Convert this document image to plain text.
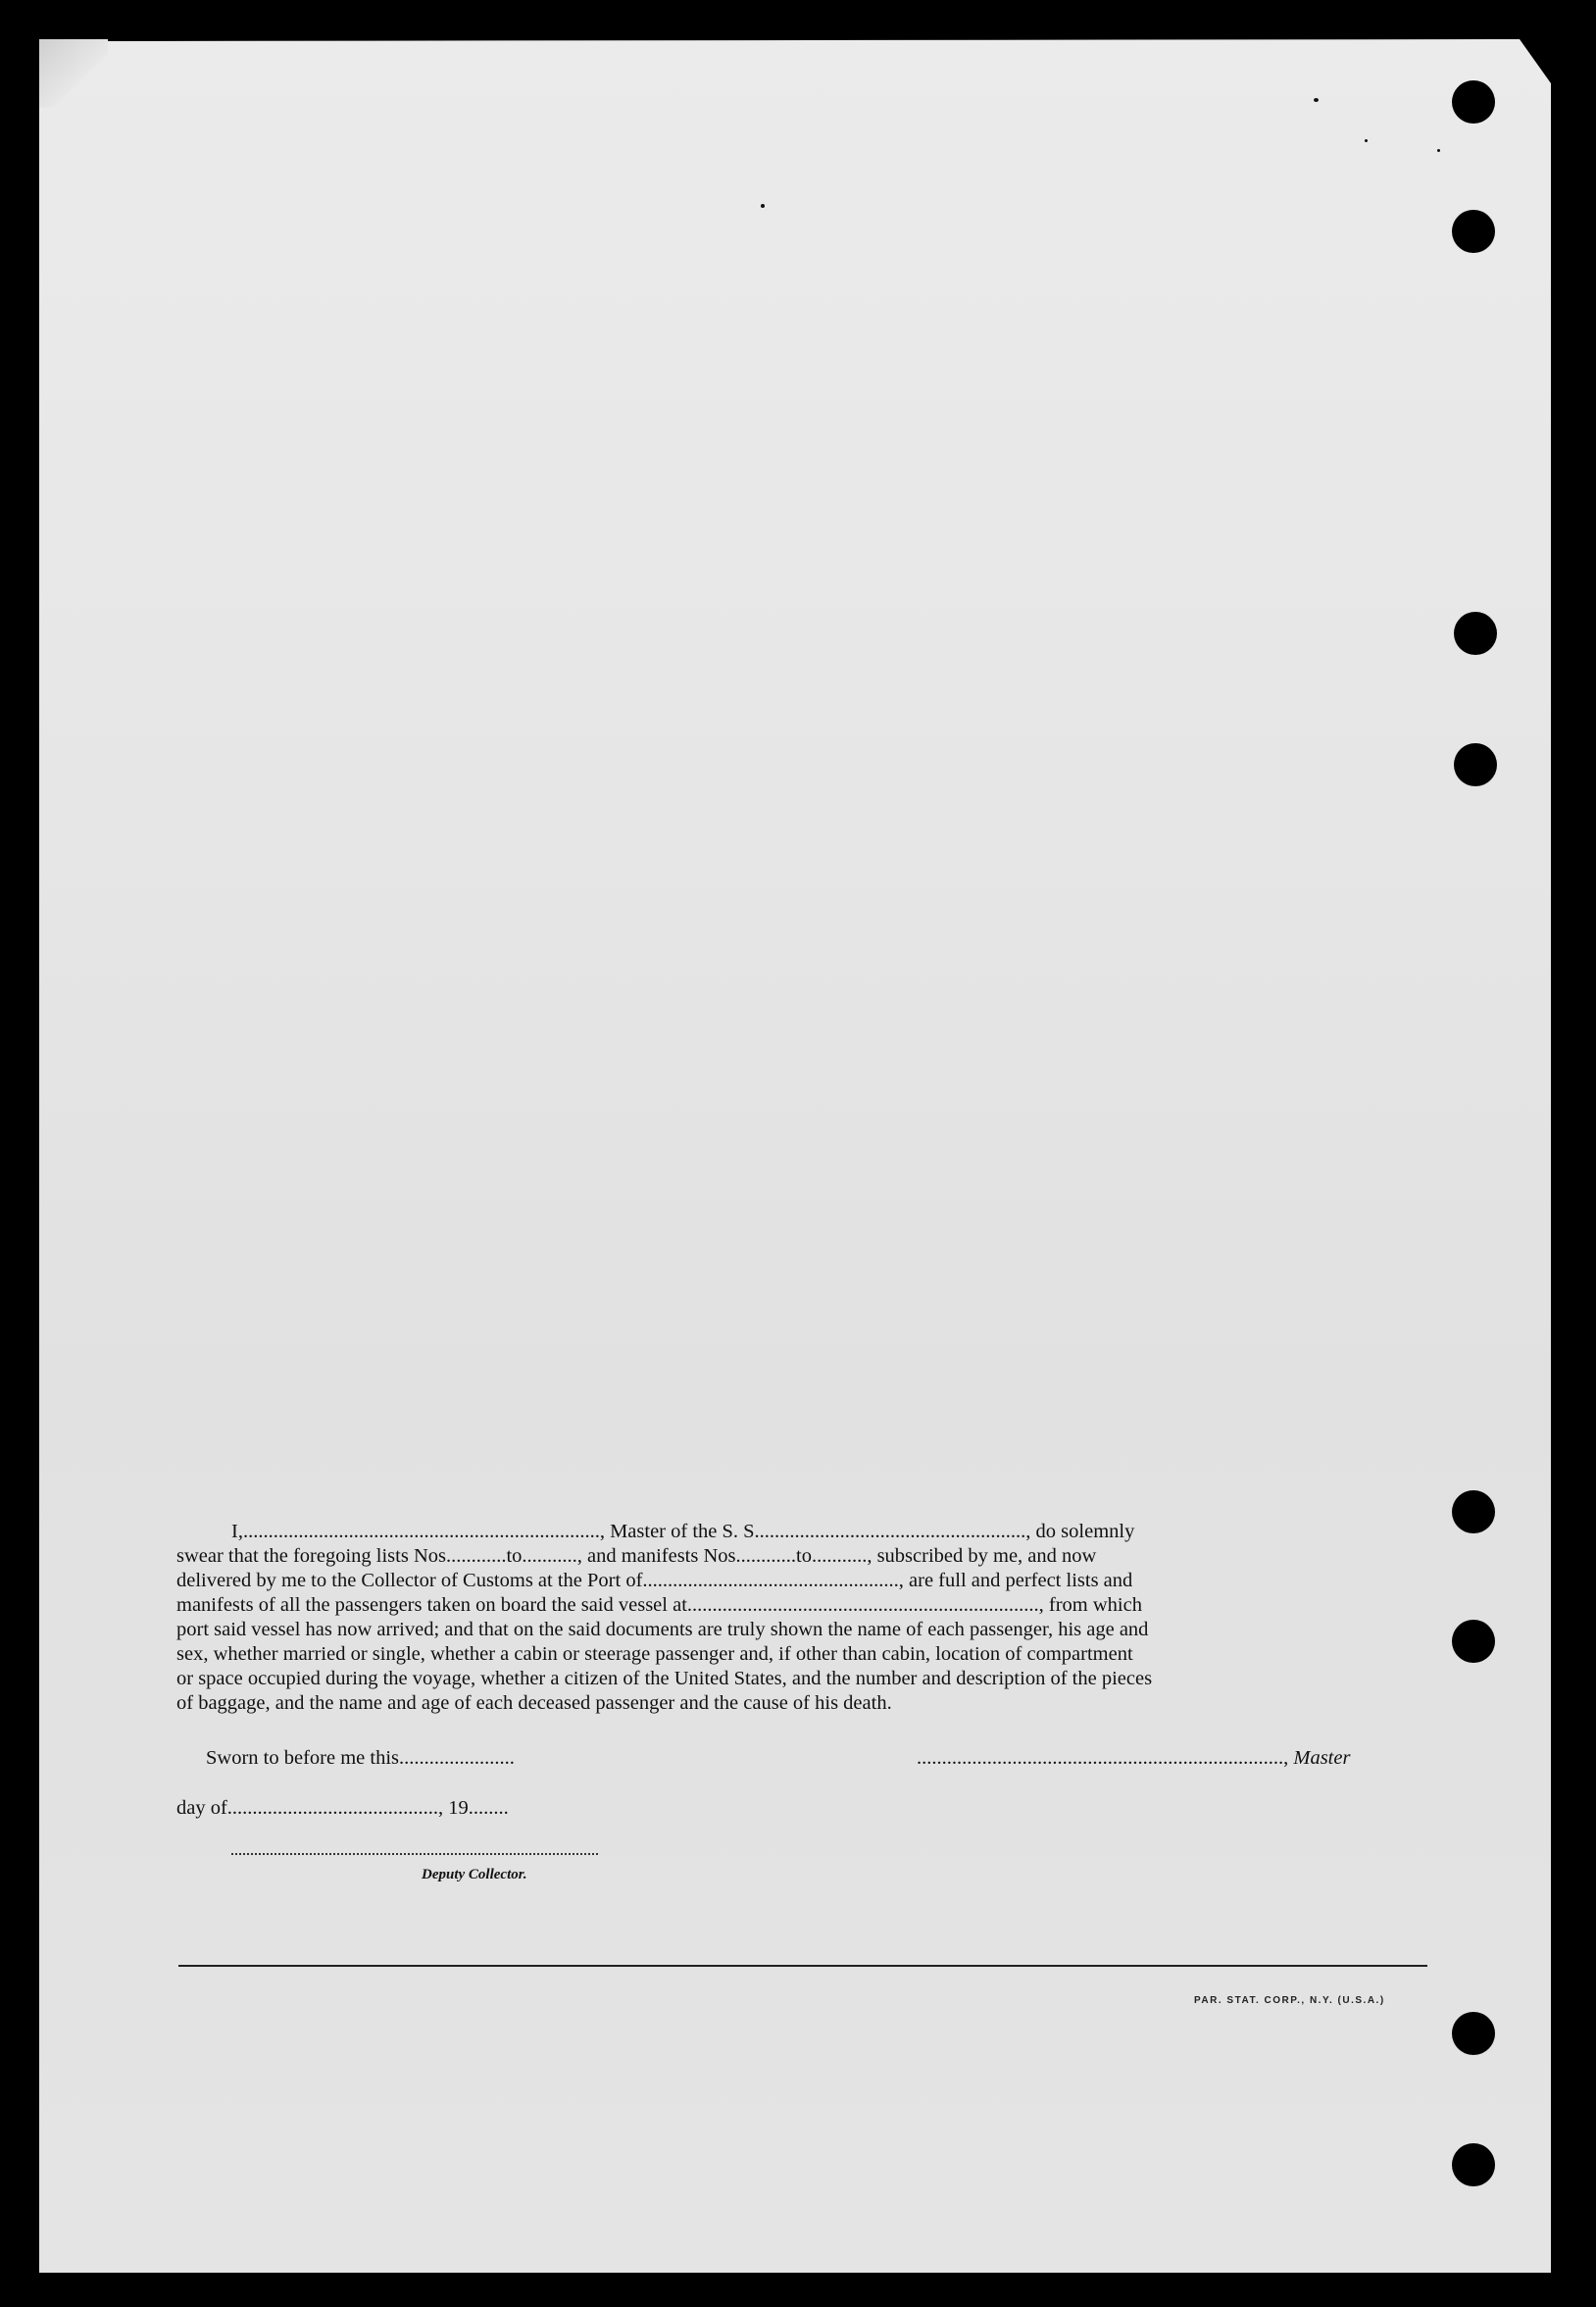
I,......................................................................., Master of the S. S......................................................, do solemnly

swear that the foregoing lists Nos............to..........., and manifests Nos............to..........., subscribed by me, and now

delivered by me to the Collector of Customs at the Port of..................................................., are full and perfect lists and

manifests of all the passengers taken on board the said vessel at......................................................................, from which

port said vessel has now arrived; and that on the said documents are truly shown the name of each passenger, his age and

sex, whether married or single, whether a cabin or steerage passenger and, if other than cabin, location of compartment

or space occupied during the voyage, whether a citizen of the United States, and the number and description of the pieces

of baggage, and the name and age of each deceased passenger and the cause of his death.

Sworn to before me this.......................	........................................................................., Master
day of.........................................., 19........
Deputy Collector.
PAR. STAT. CORP., N.Y. (U.S.A.)
